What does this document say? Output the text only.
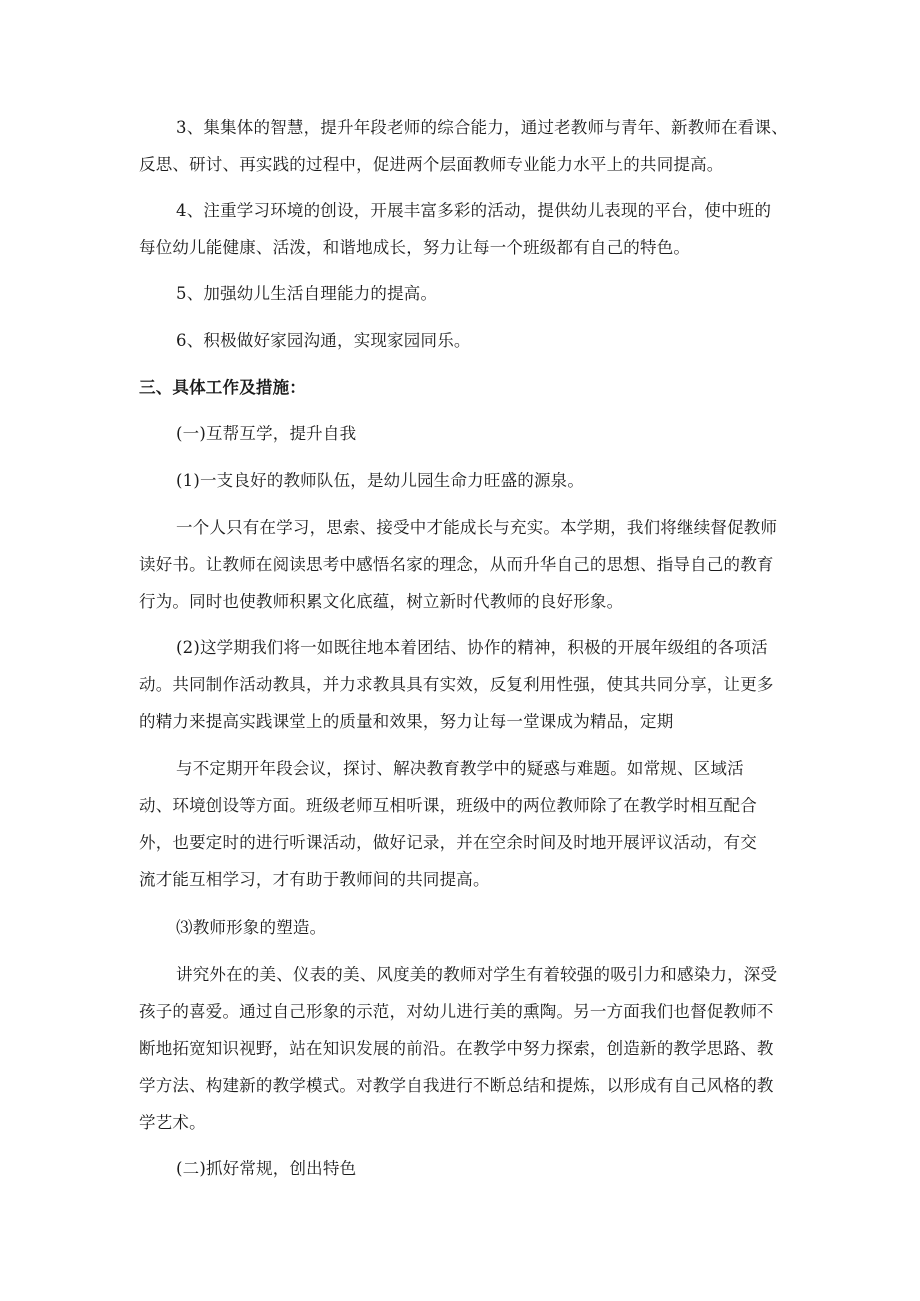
3、集集体的智慧，提升年段老师的综合能力，通过老教师与青年、新教师在看课、
反思、研讨、再实践的过程中，促进两个层面教师专业能力水平上的共同提高。
4、注重学习环境的创设，开展丰富多彩的活动，提供幼儿表现的平台，使中班的
每位幼儿能健康、活泼，和谐地成长，努力让每一个班级都有自己的特色。
5、加强幼儿生活自理能力的提高。
6、积极做好家园沟通，实现家园同乐。
三、具体工作及措施：
(一)互帮互学，提升自我
(1)一支良好的教师队伍，是幼儿园生命力旺盛的源泉。
一个人只有在学习，思索、接受中才能成长与充实。本学期，我们将继续督促教师
读好书。让教师在阅读思考中感悟名家的理念，从而升华自己的思想、指导自己的教育
行为。同时也使教师积累文化底蕴，树立新时代教师的良好形象。
(2)这学期我们将一如既往地本着团结、协作的精神，积极的开展年级组的各项活
动。共同制作活动教具，并力求教具具有实效，反复利用性强，使其共同分享，让更多
的精力来提高实践课堂上的质量和效果，努力让每一堂课成为精品，定期
与不定期开年段会议，探讨、解决教育教学中的疑惑与难题。如常规、区域活
动、环境创设等方面。班级老师互相听课，班级中的两位教师除了在教学时相互配合
外，也要定时的进行听课活动，做好记录，并在空余时间及时地开展评议活动，有交
流才能互相学习，才有助于教师间的共同提高。
⑶教师形象的塑造。
讲究外在的美、仪表的美、风度美的教师对学生有着较强的吸引力和感染力，深受
孩子的喜爱。通过自己形象的示范，对幼儿进行美的熏陶。另一方面我们也督促教师不
断地拓宽知识视野，站在知识发展的前沿。在教学中努力探索，创造新的教学思路、教
学方法、构建新的教学模式。对教学自我进行不断总结和提炼，以形成有自己风格的教
学艺术。
(二)抓好常规，创出特色
